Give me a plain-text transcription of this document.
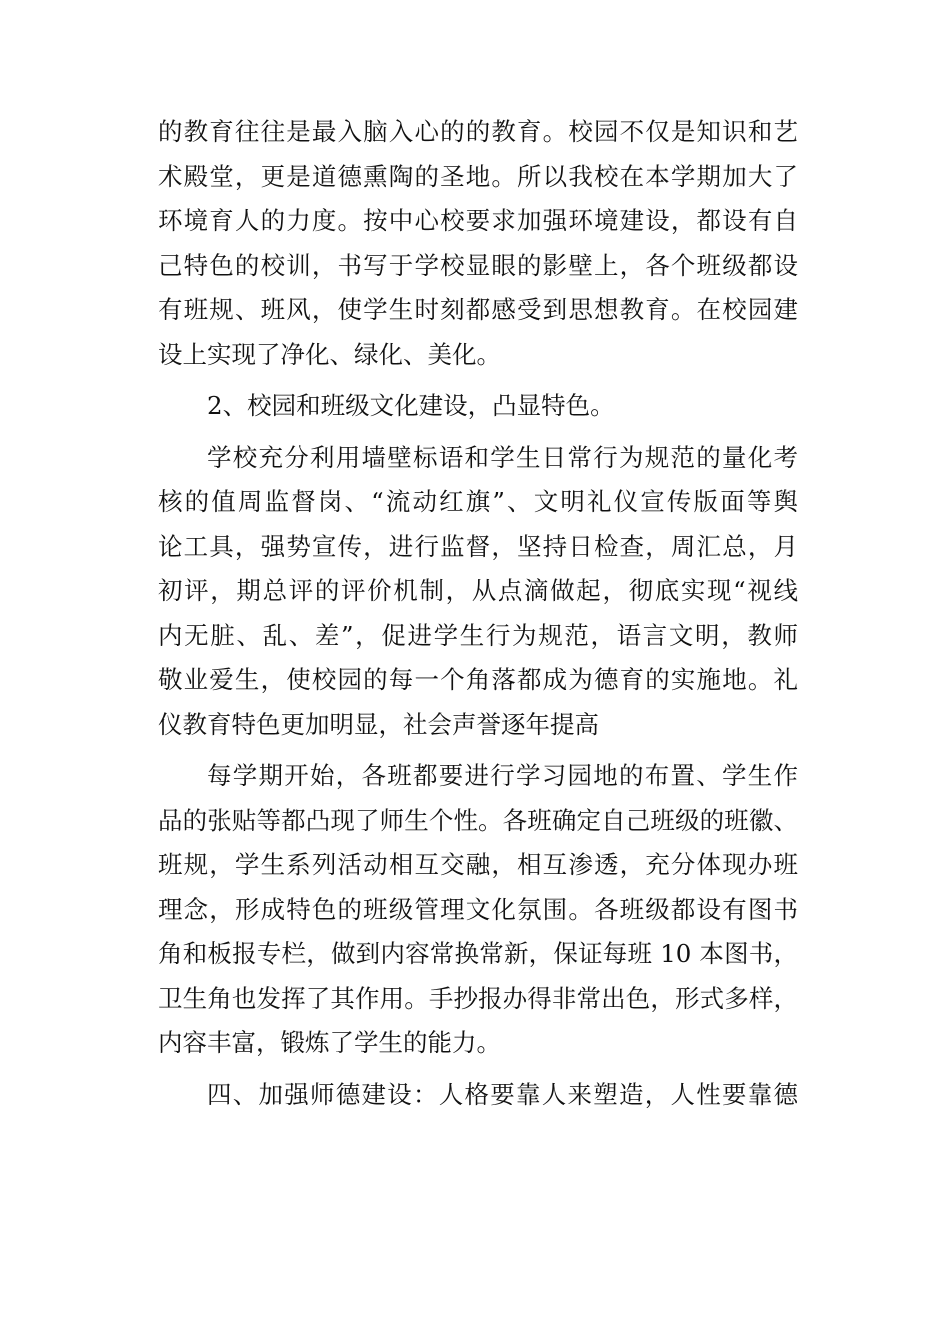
的教育往往是最入脑入心的的教育。校园不仅是知识和艺
术殿堂，更是道德熏陶的圣地。所以我校在本学期加大了
环境育人的力度。按中心校要求加强环境建设，都设有自
己特色的校训，书写于学校显眼的影壁上，各个班级都设
有班规、班风，使学生时刻都感受到思想教育。在校园建
设上实现了净化、绿化、美化。
2、校园和班级文化建设，凸显特色。
学校充分利用墙壁标语和学生日常行为规范的量化考
核的值周监督岗、“流动红旗”、文明礼仪宣传版面等舆
论工具，强势宣传，进行监督，坚持日检查，周汇总，月
初评，期总评的评价机制，从点滴做起，彻底实现“视线
内无脏、乱、差”，促进学生行为规范，语言文明，教师
敬业爱生，使校园的每一个角落都成为德育的实施地。礼
仪教育特色更加明显，社会声誉逐年提高
每学期开始，各班都要进行学习园地的布置、学生作
品的张贴等都凸现了师生个性。各班确定自己班级的班徽、
班规，学生系列活动相互交融，相互渗透，充分体现办班
理念，形成特色的班级管理文化氛围。各班级都设有图书
角和板报专栏，做到内容常换常新，保证每班 10 本图书，
卫生角也发挥了其作用。手抄报办得非常出色，形式多样，
内容丰富，锻炼了学生的能力。
四、加强师德建设：人格要靠人来塑造，人性要靠德
